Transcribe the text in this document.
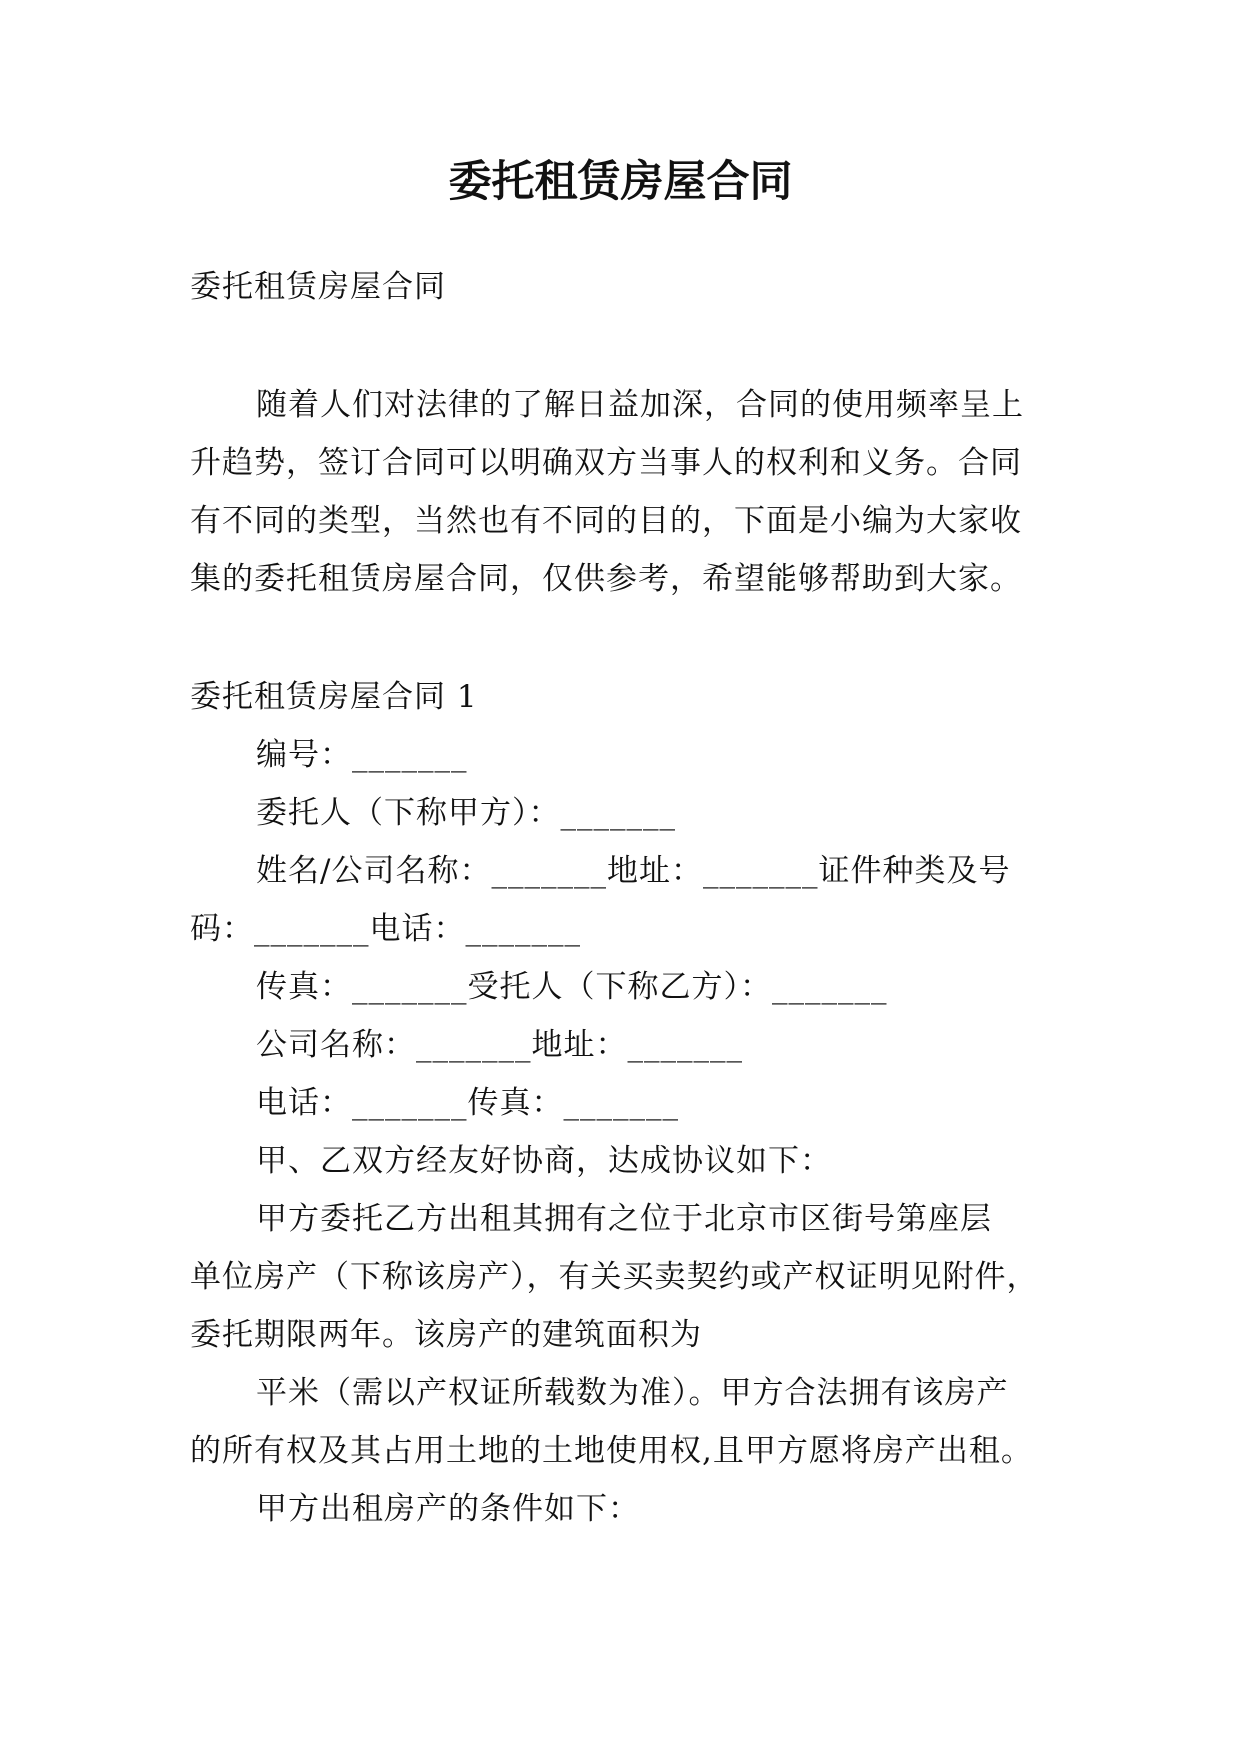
委托租赁房屋合同
委托租赁房屋合同
随着人们对法律的了解日益加深，合同的使用频率呈上
升趋势，签订合同可以明确双方当事人的权利和义务。合同
有不同的类型，当然也有不同的目的，下面是小编为大家收
集的委托租赁房屋合同，仅供参考，希望能够帮助到大家。
委托租赁房屋合同 1
编号：_______
委托人（下称甲方）：_______
姓名/公司名称：_______地址：_______证件种类及号
码：_______电话：_______
传真：_______受托人（下称乙方）：_______
公司名称：_______地址：_______
电话：_______传真：_______
甲、乙双方经友好协商，达成协议如下：
甲方委托乙方出租其拥有之位于北京市区街号第座层
单位房产（下称该房产），有关买卖契约或产权证明见附件，
委托期限两年。该房产的建筑面积为
平米（需以产权证所载数为准）。甲方合法拥有该房产
的所有权及其占用土地的土地使用权,且甲方愿将房产出租。
甲方出租房产的条件如下：
